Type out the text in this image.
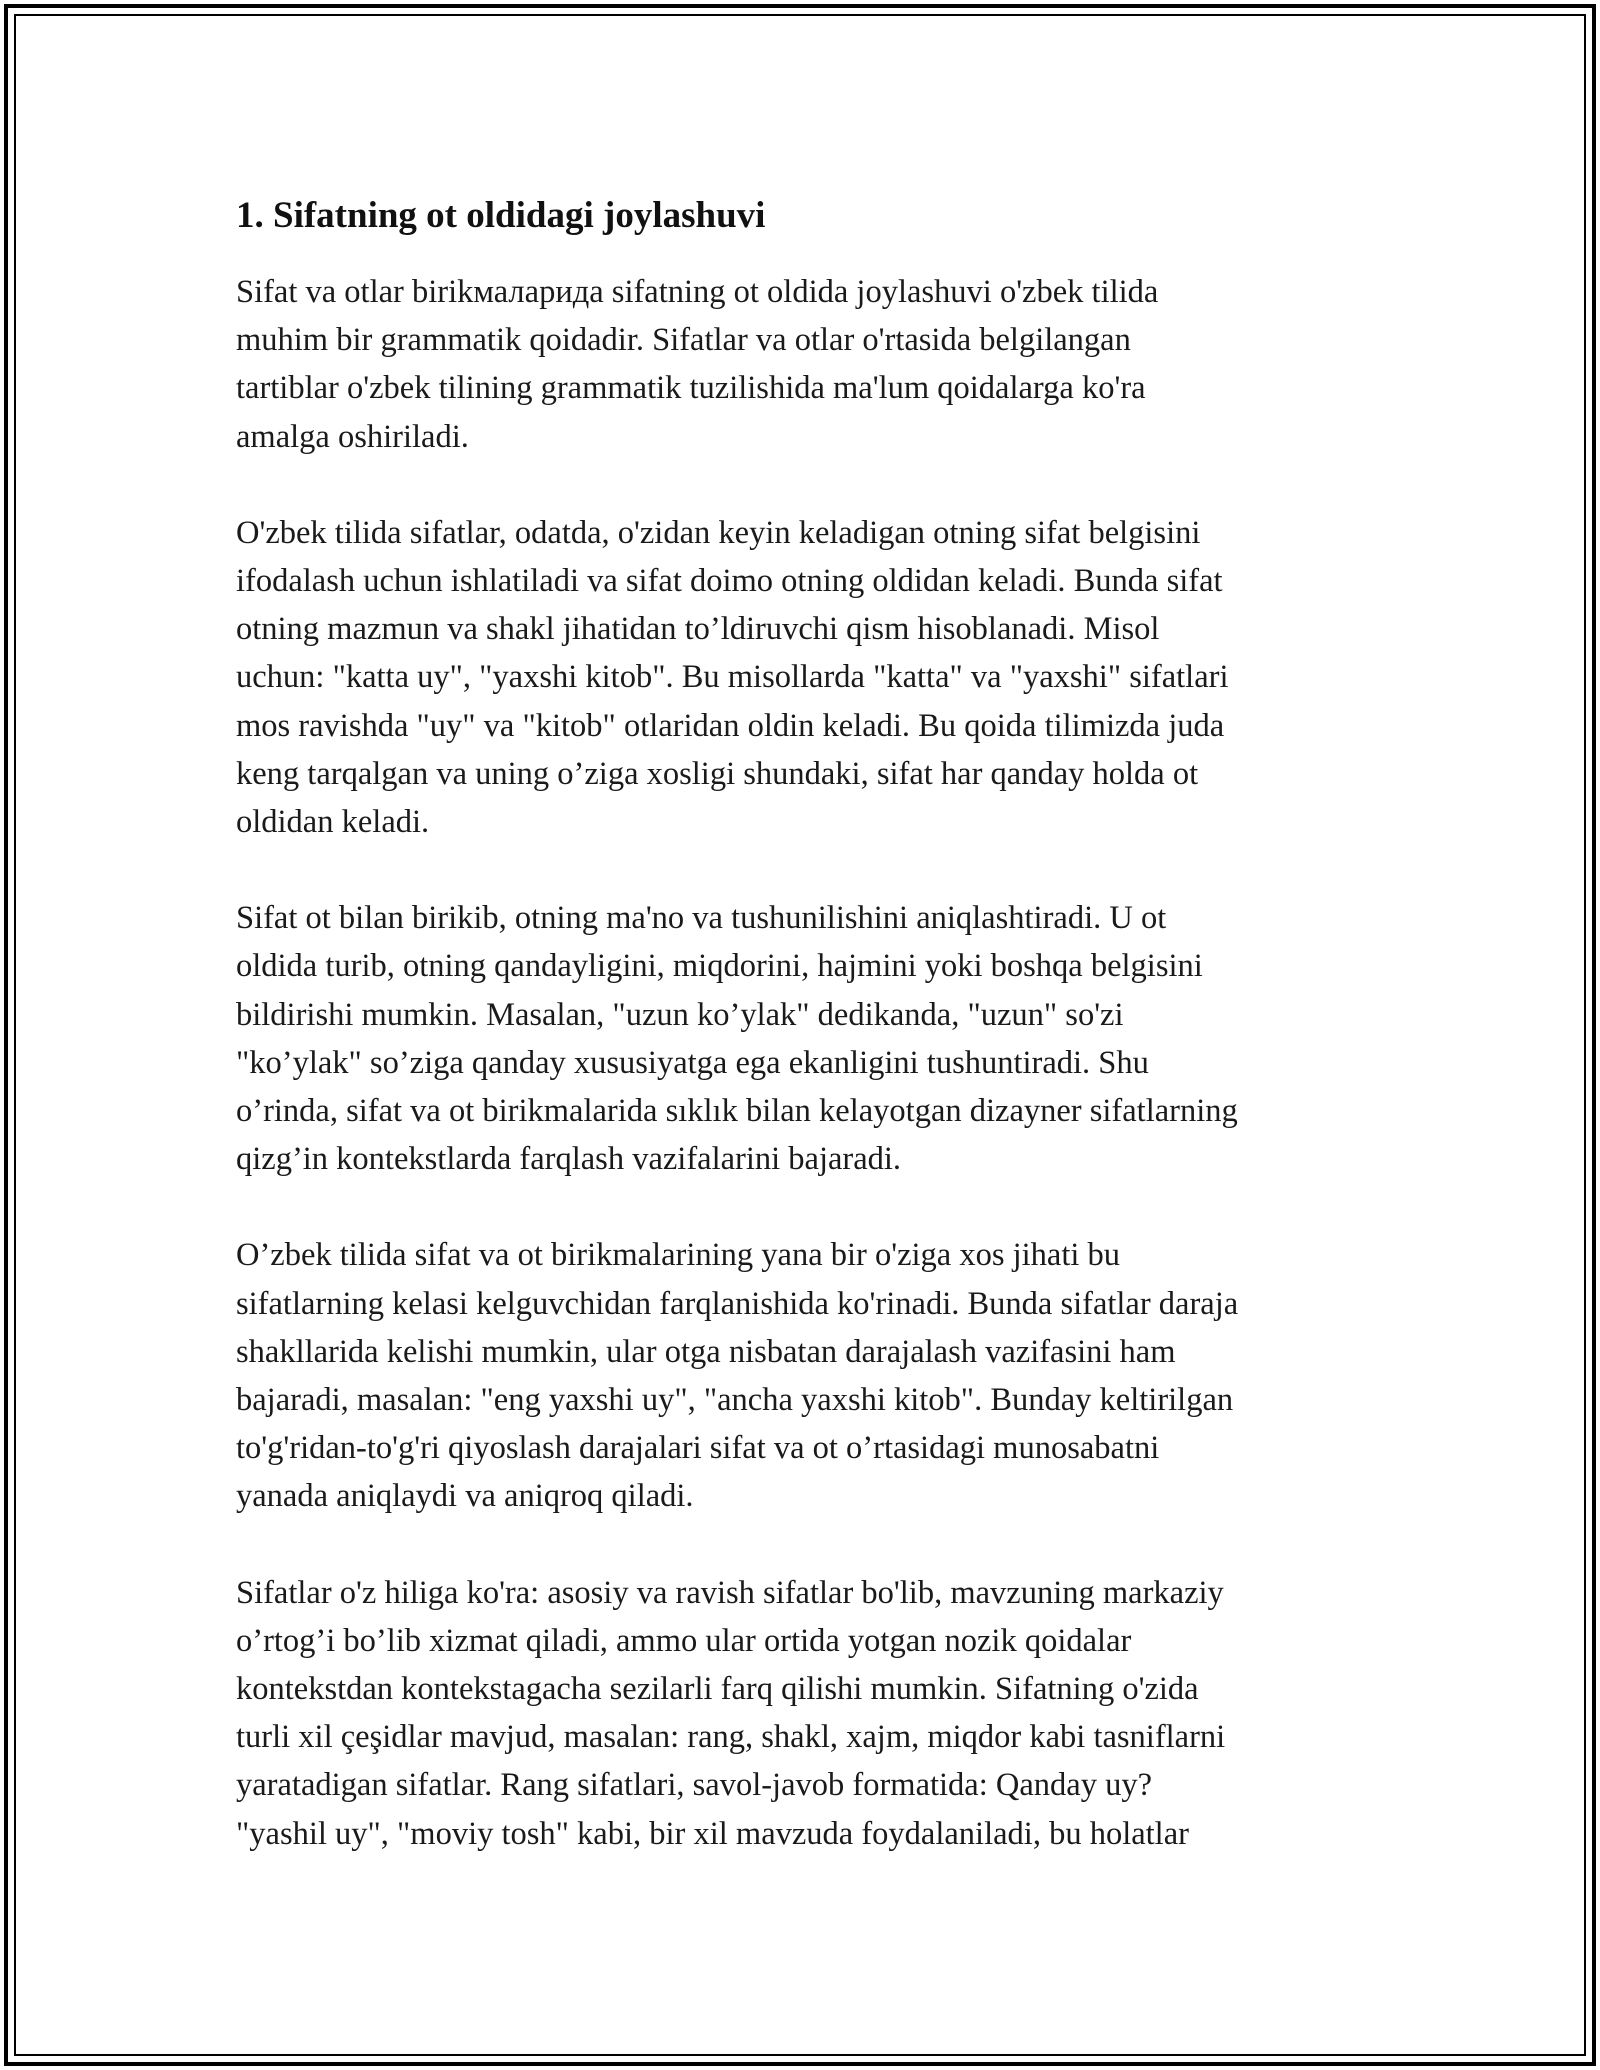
1. Sifatning ot oldidagi joylashuvi
Sifat va otlar birikмаларида sifatning ot oldida joylashuvi o'zbek tilida
muhim bir grammatik qoidadir. Sifatlar va otlar o'rtasida belgilangan
tartiblar o'zbek tilining grammatik tuzilishida ma'lum qoidalarga ko'ra
amalga oshiriladi.
O'zbek tilida sifatlar, odatda, o'zidan keyin keladigan otning sifat belgisini
ifodalash uchun ishlatiladi va sifat doimo otning oldidan keladi. Bunda sifat
otning mazmun va shakl jihatidan to’ldiruvchi qism hisoblanadi. Misol
uchun: "katta uy", "yaxshi kitob". Bu misollarda "katta" va "yaxshi" sifatlari
mos ravishda "uy" va "kitob" otlaridan oldin keladi. Bu qoida tilimizda juda
keng tarqalgan va uning o’ziga xosligi shundaki, sifat har qanday holda ot
oldidan keladi.
Sifat ot bilan birikib, otning ma'no va tushunilishini aniqlashtiradi. U ot
oldida turib, otning qandayligini, miqdorini, hajmini yoki boshqa belgisini
bildirishi mumkin. Masalan, "uzun ko’ylak" dedikanda, "uzun" so'zi
"ko’ylak" so’ziga qanday xususiyatga ega ekanligini tushuntiradi. Shu
o’rinda, sifat va ot birikmalarida sıklık bilan kelayotgan dizayner sifatlarning
qizg’in kontekstlarda farqlash vazifalarini bajaradi.
O’zbek tilida sifat va ot birikmalarining yana bir o'ziga xos jihati bu
sifatlarning kelasi kelguvchidan farqlanishida ko'rinadi. Bunda sifatlar daraja
shakllarida kelishi mumkin, ular otga nisbatan darajalash vazifasini ham
bajaradi, masalan: "eng yaxshi uy", "ancha yaxshi kitob". Bunday keltirilgan
to'g'ridan-to'g'ri qiyoslash darajalari sifat va ot o’rtasidagi munosabatni
yanada aniqlaydi va aniqroq qiladi.
Sifatlar o'z hiliga ko'ra: asosiy va ravish sifatlar bo'lib, mavzuning markaziy
o’rtog’i bo’lib xizmat qiladi, ammo ular ortida yotgan nozik qoidalar
kontekstdan kontekstagacha sezilarli farq qilishi mumkin. Sifatning o'zida
turli xil çeşidlar mavjud, masalan: rang, shakl, xajm, miqdor kabi tasniflarni
yaratadigan sifatlar. Rang sifatlari, savol-javob formatida: Qanday uy?
"yashil uy", "moviy tosh" kabi, bir xil mavzuda foydalaniladi, bu holatlar
